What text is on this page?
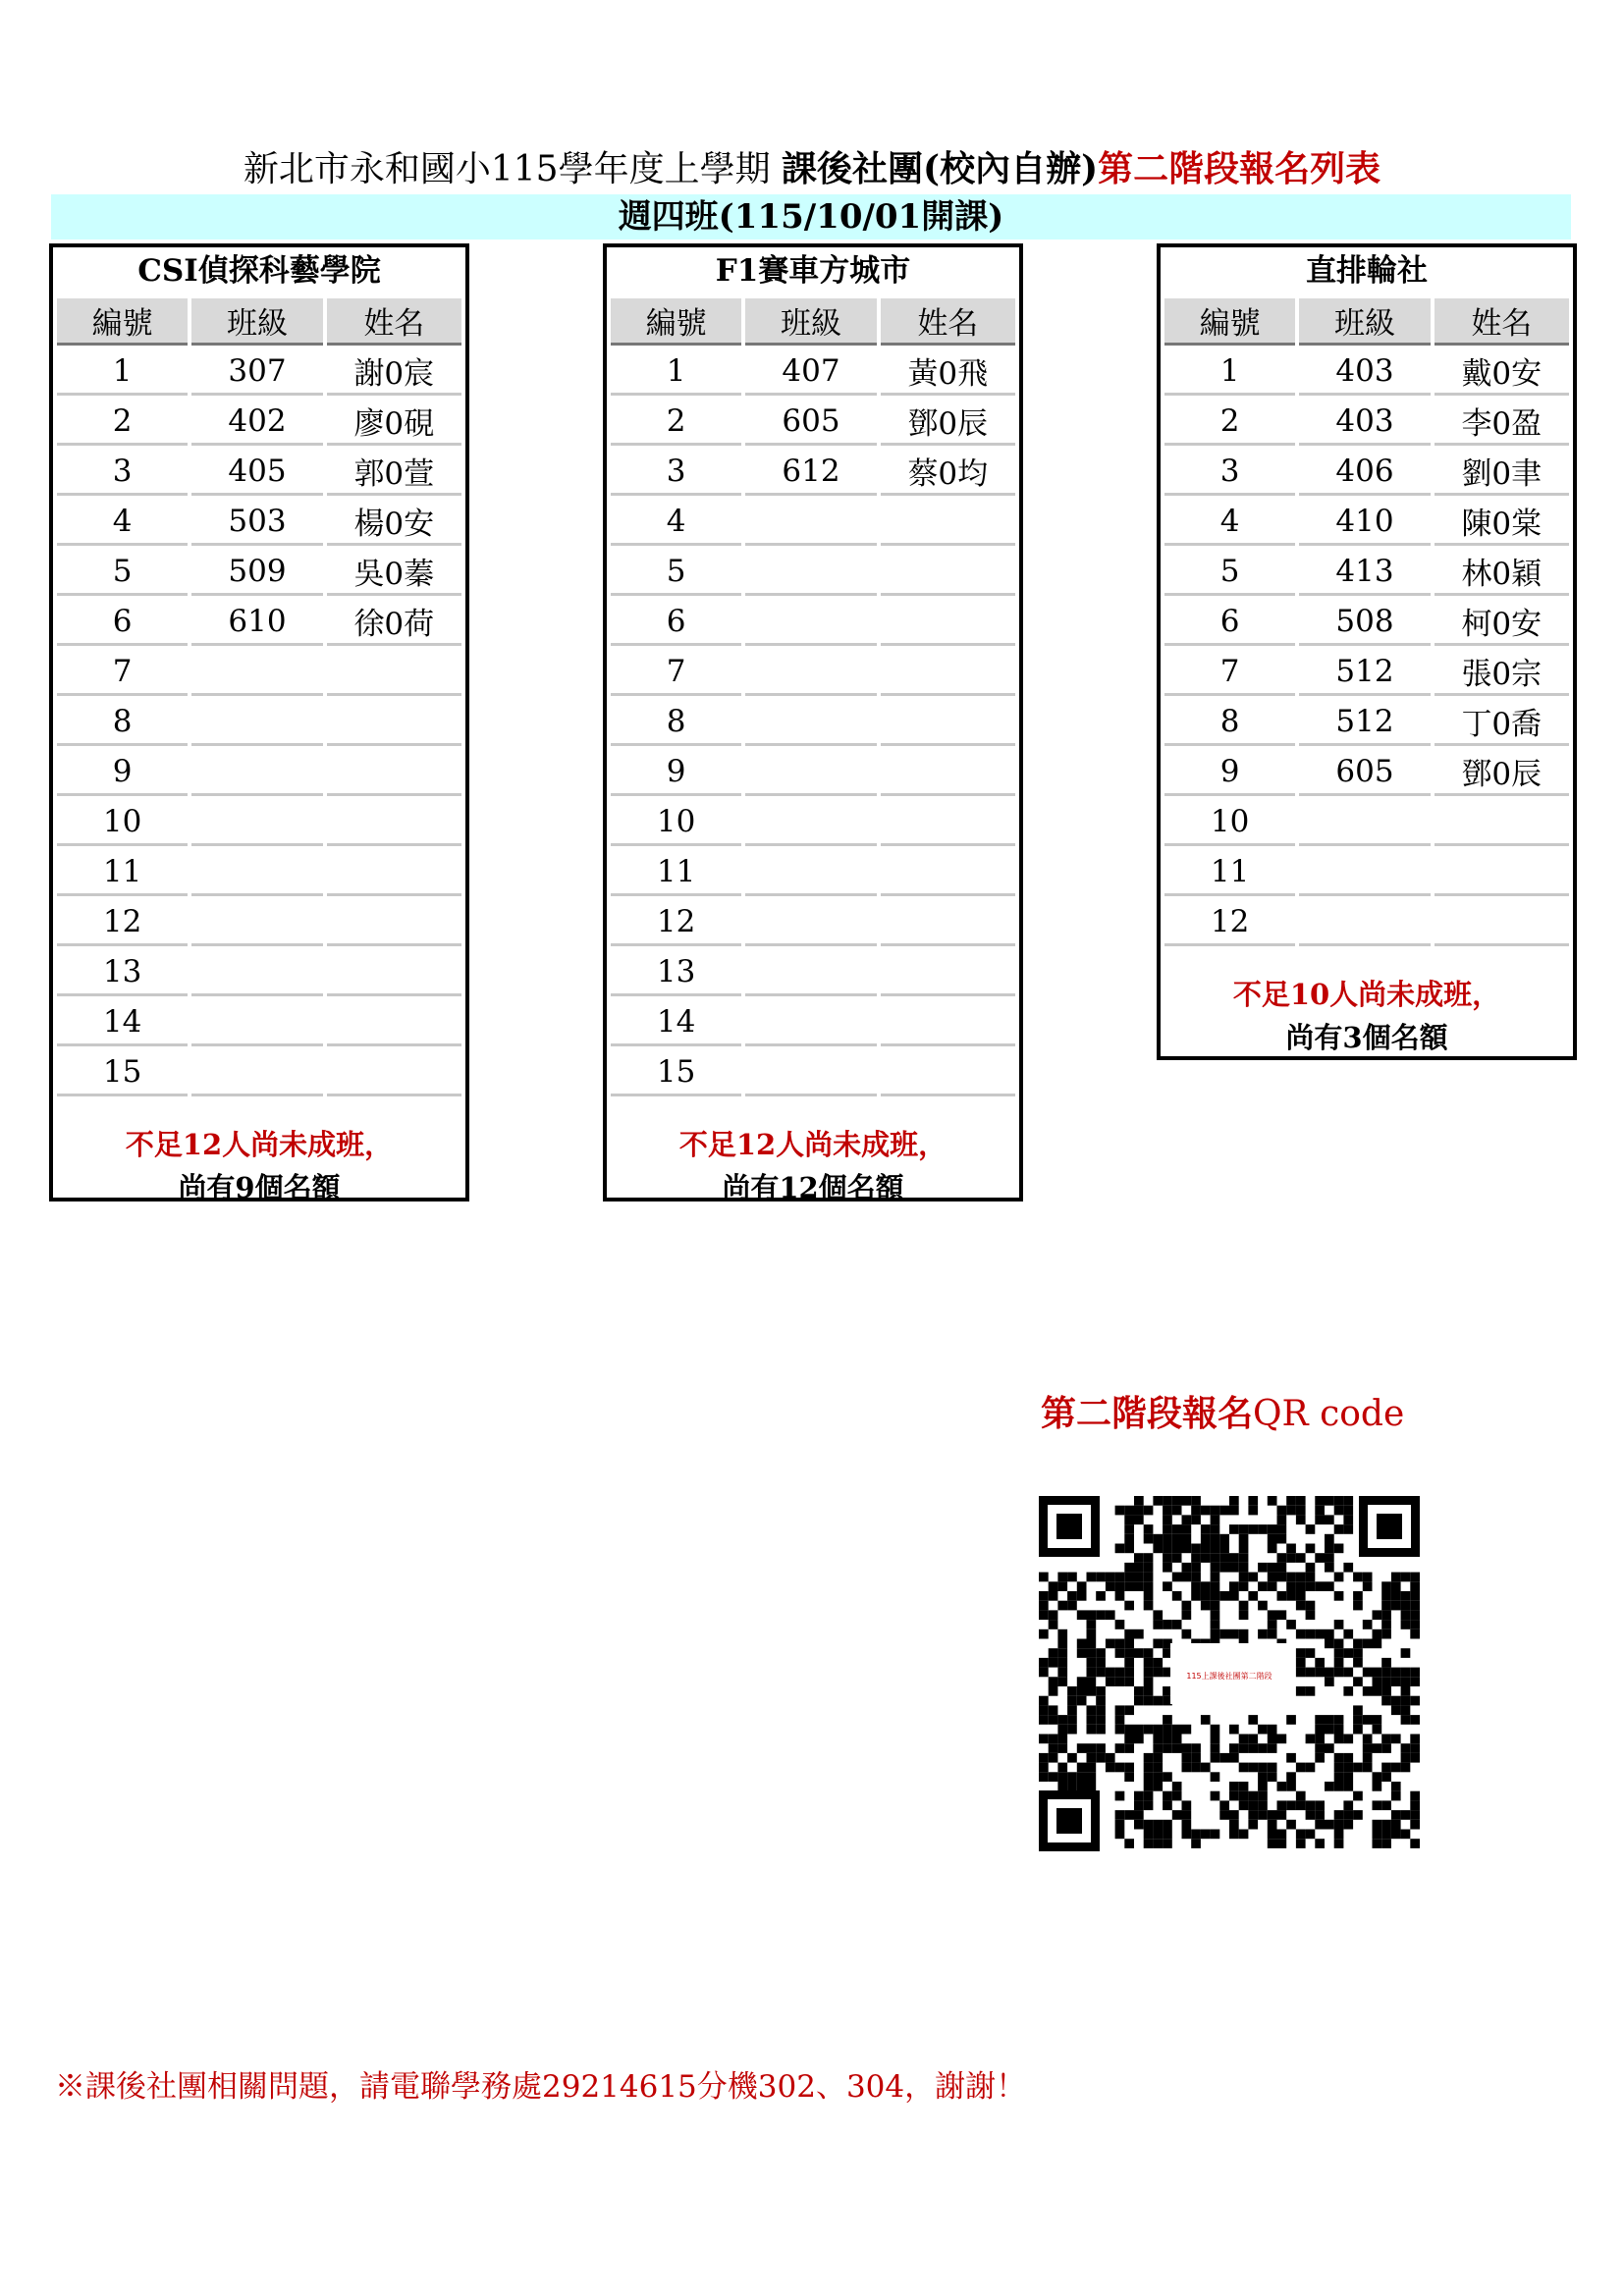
新北市永和國小115學年度上學期 課後社團(校內自辦)第二階段報名列表
週四班(115/10/01開課)
CSI偵探科藝學院
編號	班級	姓名
1	307	謝0宸
2	402	廖0硯
3	405	郭0萱
4	503	楊0安
5	509	吳0蓁
6	610	徐0荷
7		
8		
9		
10		
11		
12		
13		
14		
15		
不足12人尚未成班，
尚有9個名額
F1賽車方城市
編號	班級	姓名
1	407	黃0飛
2	605	鄧0辰
3	612	蔡0均
4		
5		
6		
7		
8		
9		
10		
11		
12		
13		
14		
15		
不足12人尚未成班，
尚有12個名額
直排輪社
編號	班級	姓名
1	403	戴0安
2	403	李0盈
3	406	劉0聿
4	410	陳0棠
5	413	林0穎
6	508	柯0安
7	512	張0宗
8	512	丁0喬
9	605	鄧0辰
10		
11		
12		
不足10人尚未成班，
尚有3個名額
第二階段報名QR code
115上課後社團第二階段
※課後社團相關問題，請電聯學務處29214615分機302、304，謝謝！
